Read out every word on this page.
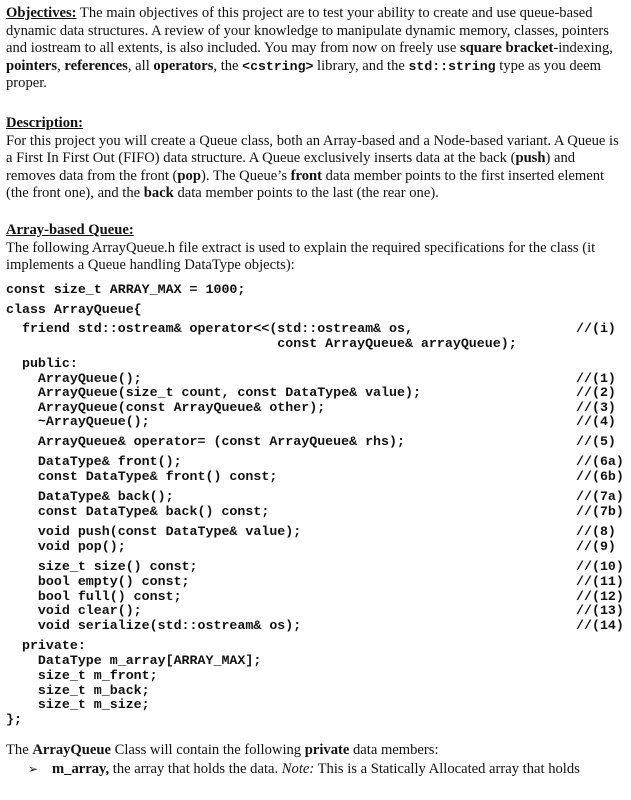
Objectives: The main objectives of this project are to test your ability to create and use queue-based dynamic data structures. A review of your knowledge to manipulate dynamic memory, classes, pointers and iostream to all extents, is also included. You may from now on freely use square bracket-indexing, pointers, references, all operators, the <cstring> library, and the std::string type as you deem proper.

Description:

For this project you will create a Queue class, both an Array-based and a Node-based variant. A Queue is a First In First Out (FIFO) data structure. A Queue exclusively inserts data at the back (push) and removes data from the front (pop). The Queue’s front data member points to the first inserted element (the front one), and the back data member points to the last (the rear one).

Array-based Queue:

The following ArrayQueue.h file extract is used to explain the required specifications for the class (it implements a Queue handling DataType objects):

const size_t ARRAY_MAX = 1000;
class ArrayQueue{
friend std::ostream& operator<<(std::ostream& os,	//(i)
const ArrayQueue& arrayQueue);
public:
ArrayQueue();	//(1)
ArrayQueue(size_t count, const DataType& value);	//(2)
ArrayQueue(const ArrayQueue& other);	//(3)
~ArrayQueue();	//(4)
ArrayQueue& operator= (const ArrayQueue& rhs);	//(5)
DataType& front();	//(6a)
const DataType& front() const;	//(6b)
DataType& back();	//(7a)
const DataType& back() const;	//(7b)
void push(const DataType& value);	//(8)
void pop();	//(9)
size_t size() const;	//(10)
bool empty() const;	//(11)
bool full() const;	//(12)
void clear();	//(13)
void serialize(std::ostream& os);	//(14)
private:
DataType m_array[ARRAY_MAX];
size_t m_front;
size_t m_back;
size_t m_size;
};

The ArrayQueue Class will contain the following private data members:

➢ m_array, the array that holds the data. Note: This is a Statically Allocated array that holds
